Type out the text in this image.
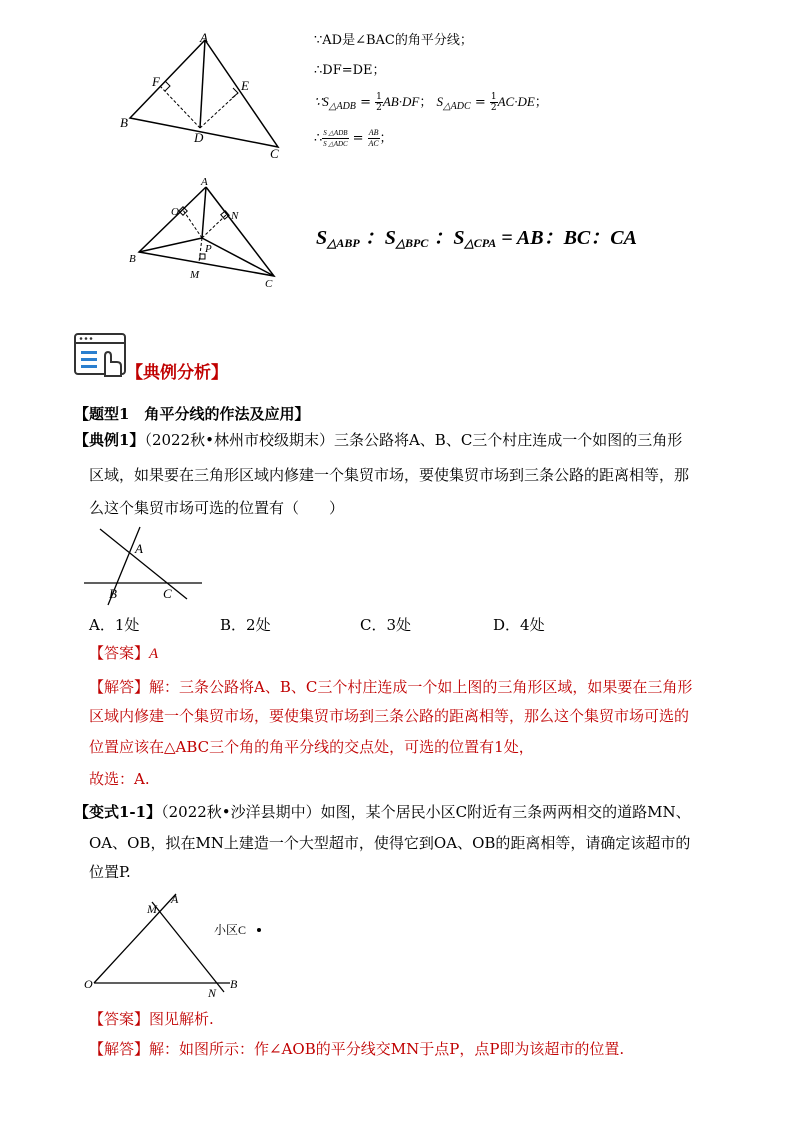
A
B
C
D
E
F
∵AD是∠BAC的角平分线；
∴DF=DE；
$\because S_{\triangle ADB} = \frac{1}{2} AB\cdot DF$； $S_{\triangle ADC} = \frac{1}{2} AC\cdot DE$；
∴ $\frac{\text{S △ADB}}{\text{S △ADC}} = \frac{AB}{AC}$ ；
A
O	N
P
B
M
C
$S_{\triangle ABP}$ ：$S_{\triangle BPC}$ ：$S_{\triangle CPA}$ = AB：BC：CA
【典例分析】
【题型1　角平分线的作法及应用】
【典例1】（2022秋•林州市校级期末）三条公路将A、B、C三个村庄连成一个如图的三角形
区域，如果要在三角形区域内修建一个集贸市场，要使集贸市场到三条公路的距离相等，那
么这个集贸市场可选的位置有（　　）
A
B	C
A．1处	B．2处	C．3处	D．4处
【答案】A
【解答】解：三条公路将A、B、C三个村庄连成一个如上图的三角形区域，如果要在三角形
区域内修建一个集贸市场，要使集贸市场到三条公路的距离相等，那么这个集贸市场可选的
位置应该在△ABC三个角的角平分线的交点处，可选的位置有1处，
故选：A.
【变式1-1】（2022秋•沙洋县期中）如图，某个居民小区C附近有三条两两相交的道路MN、
OA、OB，拟在MN上建造一个大型超市，使得它到OA、OB的距离相等，请确定该超市的
位置P.
M
A
O
N
B
小区C
【答案】图见解析.
【解答】解：如图所示：作∠AOB的平分线交MN于点P，点P即为该超市的位置.
